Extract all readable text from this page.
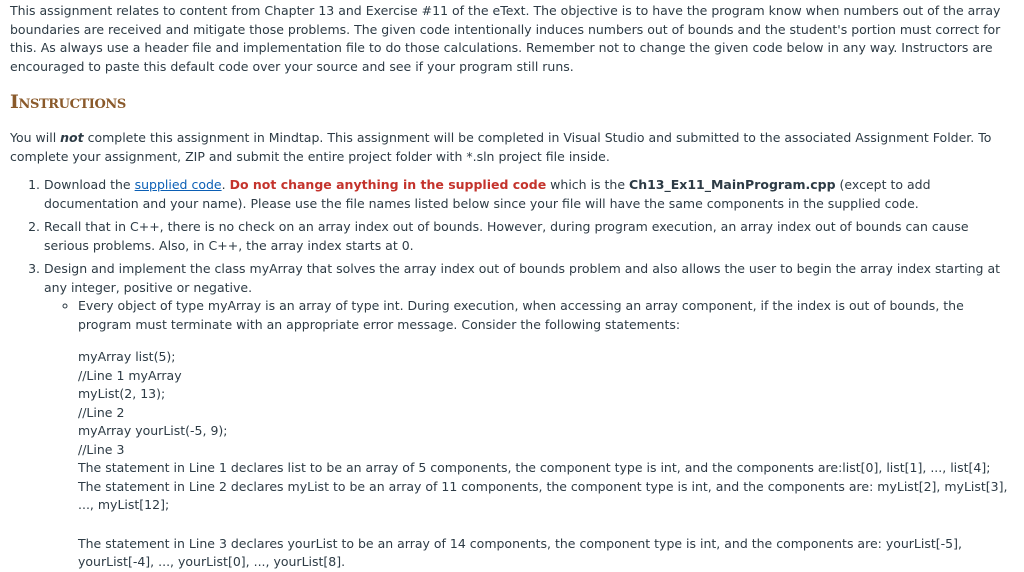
This assignment relates to content from Chapter 13 and Exercise #11 of the eText. The objective is to have the program know when numbers out of the array boundaries are received and mitigate those problems. The given code intentionally induces numbers out of bounds and the student's portion must correct for this. As always use a header file and implementation file to do those calculations. Remember not to change the given code below in any way. Instructors are encouraged to paste this default code over your source and see if your program still runs.

Instructions

You will not complete this assignment in Mindtap. This assignment will be completed in Visual Studio and submitted to the associated Assignment Folder. To complete your assignment, ZIP and submit the entire project folder with *.sln project file inside.

1. Download the supplied code. Do not change anything in the supplied code which is the Ch13_Ex11_MainProgram.cpp (except to add documentation and your name). Please use the file names listed below since your file will have the same components in the supplied code.
2. Recall that in C++, there is no check on an array index out of bounds. However, during program execution, an array index out of bounds can cause serious problems. Also, in C++, the array index starts at 0.
3. Design and implement the class myArray that solves the array index out of bounds problem and also allows the user to begin the array index starting at any integer, positive or negative.
◦ Every object of type myArray is an array of type int. During execution, when accessing an array component, if the index is out of bounds, the program must terminate with an appropriate error message. Consider the following statements:
myArray list(5);
//Line 1 myArray
myList(2, 13);
//Line 2
myArray yourList(-5, 9);
//Line 3
The statement in Line 1 declares list to be an array of 5 components, the component type is int, and the components are:list[0], list[1], ..., list[4]; The statement in Line 2 declares myList to be an array of 11 components, the component type is int, and the components are: myList[2], myList[3], ..., myList[12];
The statement in Line 3 declares yourList to be an array of 14 components, the component type is int, and the components are: yourList[-5], yourList[-4], ..., yourList[0], ..., yourList[8].
